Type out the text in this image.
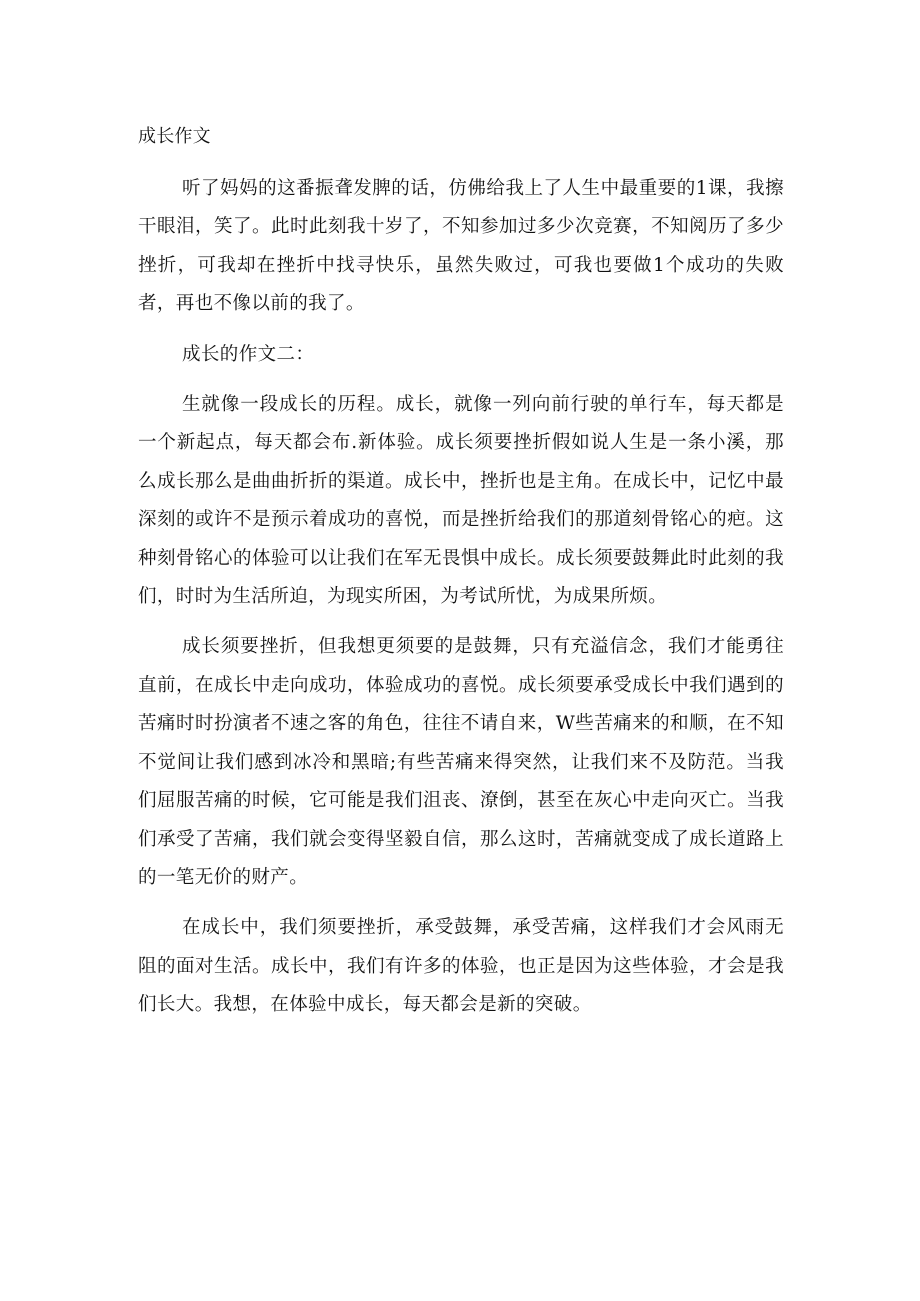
成长作文

听了妈妈的这番振聋发脾的话，仿佛给我上了人生中最重要的1课，我擦干眼泪，笑了。此时此刻我十岁了，不知参加过多少次竞赛，不知阅历了多少挫折，可我却在挫折中找寻快乐，虽然失败过，可我也要做1个成功的失败者，再也不像以前的我了。

成长的作文二：

生就像一段成长的历程。成长，就像一列向前行驶的单行车，每天都是一个新起点，每天都会布.新体验。成长须要挫折假如说人生是一条小溪，那么成长那么是曲曲折折的渠道。成长中，挫折也是主角。在成长中，记忆中最深刻的或许不是预示着成功的喜悦，而是挫折给我们的那道刻骨铭心的疤。这种刻骨铭心的体验可以让我们在军无畏惧中成长。成长须要鼓舞此时此刻的我们，时时为生活所迫，为现实所困，为考试所忧，为成果所烦。

成长须要挫折，但我想更须要的是鼓舞，只有充溢信念，我们才能勇往直前，在成长中走向成功，体验成功的喜悦。成长须要承受成长中我们遇到的苦痛时时扮演者不速之客的角色，往往不请自来，W些苦痛来的和顺，在不知不觉间让我们感到冰冷和黑暗;有些苦痛来得突然，让我们来不及防范。当我们屈服苦痛的时候，它可能是我们沮丧、潦倒，甚至在灰心中走向灭亡。当我们承受了苦痛，我们就会变得坚毅自信，那么这时，苦痛就变成了成长道路上的一笔无价的财产。

在成长中，我们须要挫折，承受鼓舞，承受苦痛，这样我们才会风雨无阻的面对生活。成长中，我们有许多的体验，也正是因为这些体验，才会是我们长大。我想，在体验中成长，每天都会是新的突破。
